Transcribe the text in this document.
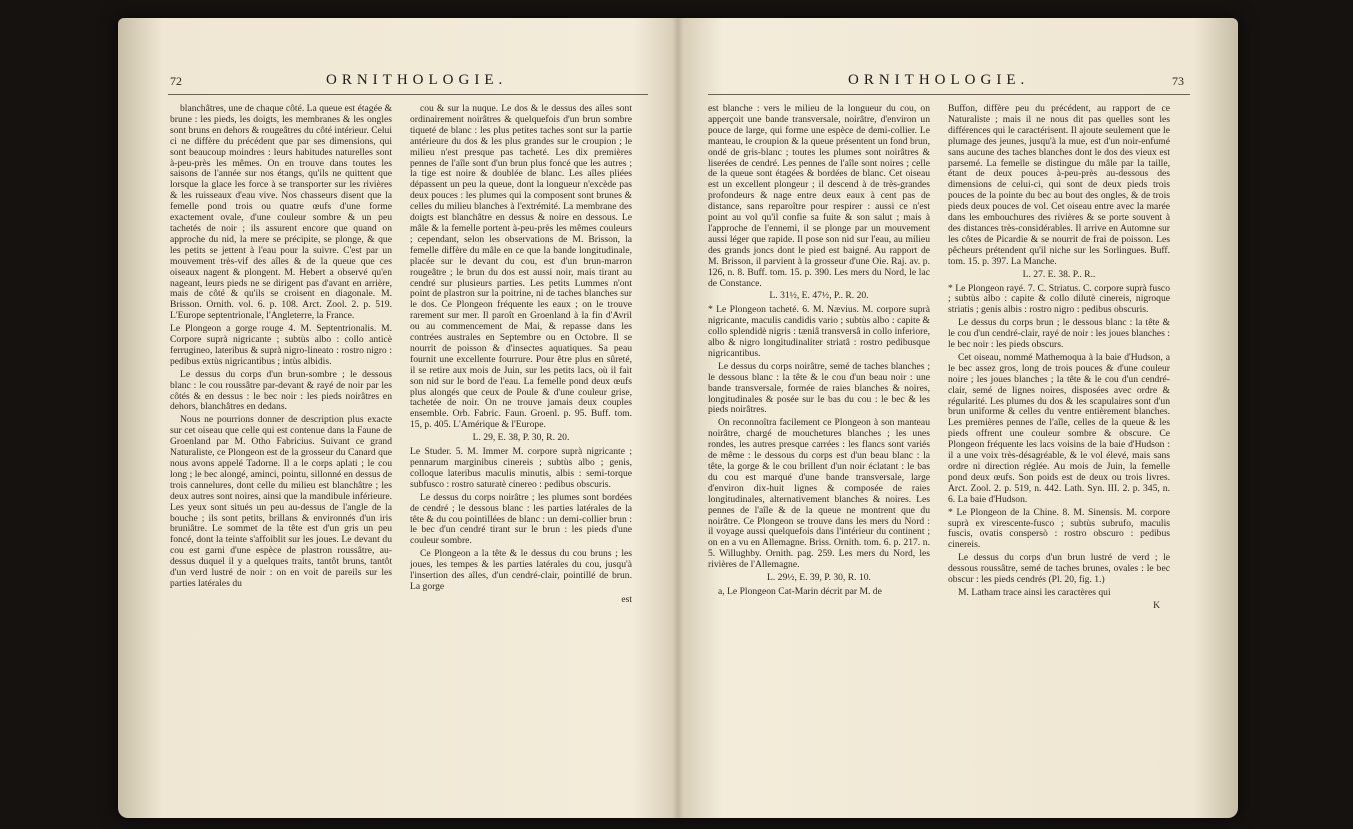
72	ORNITHOLOGIE.

blanchâtres, une de chaque côté. La queue est étagée & brune : les pieds, les doigts, les membranes & les ongles sont bruns en dehors & rougeâtres du côté intérieur. Celui ci ne diffère du précédent que par ses dimensions, qui sont beaucoup moindres : leurs habitudes naturelles sont à-peu-près les mêmes. On en trouve dans toutes les saisons de l'année sur nos étangs, qu'ils ne quittent que lorsque la glace les force à se transporter sur les rivières & les ruisseaux d'eau vive. Nos chasseurs disent que la femelle pond trois ou quatre œufs d'une forme exactement ovale, d'une couleur sombre & un peu tachetés de noir ; ils assurent encore que quand on approche du nid, la mere se précipite, se plonge, & que les petits se jettent à l'eau pour la suivre. C'est par un mouvement très-vif des aîles & de la queue que ces oiseaux nagent & plongent. M. Hebert a observé qu'en nageant, leurs pieds ne se dirigent pas d'avant en arrière, mais de côté & qu'ils se croisent en diagonale. M. Brisson. Ornith. vol. 6. p. 108. Arct. Zool. 2. p. 519. L'Europe septentrionale, l'Angleterre, la France.

Le Plongeon a gorge rouge 4. M. Septentrionalis. M. Corpore suprà nigricante ; subtùs albo : collo anticè ferrugineo, lateribus & suprà nigro-lineato : rostro nigro : pedibus extùs nigricantibus ; intùs albidis.

Le dessus du corps d'un brun-sombre ; le dessous blanc : le cou roussâtre par-devant & rayé de noir par les côtés & en dessus : le bec noir : les pieds noirâtres en dehors, blanchâtres en dedans.

Nous ne pourrions donner de description plus exacte sur cet oiseau que celle qui est contenue dans la Faune de Groenland par M. Otho Fabricius. Suivant ce grand Naturaliste, ce Plongeon est de la grosseur du Canard que nous avons appelé Tadorne. Il a le corps aplati ; le cou long ; le bec alongé, aminci, pointu, sillonné en dessus de trois cannelures, dont celle du milieu est blanchâtre ; les deux autres sont noires, ainsi que la mandibule inférieure. Les yeux sont situés un peu au-dessus de l'angle de la bouche ; ils sont petits, brillans & environnés d'un iris bruniâtre. Le sommet de la tête est d'un gris un peu foncé, dont la teinte s'affoiblit sur les joues. Le devant du cou est garni d'une espèce de plastron roussâtre, au-dessus duquel il y a quelques traits, tantôt bruns, tantôt d'un verd lustré de noir : on en voit de pareils sur les parties latérales du

cou & sur la nuque. Le dos & le dessus des aîles sont ordinairement noirâtres & quelquefois d'un brun sombre tiqueté de blanc : les plus petites taches sont sur la partie antérieure du dos & les plus grandes sur le croupion ; le milieu n'est presque pas tacheté. Les dix premières pennes de l'aîle sont d'un brun plus foncé que les autres ; la tige est noire & doublée de blanc. Les aîles pliées dépassent un peu la queue, dont la longueur n'excède pas deux pouces : les plumes qui la composent sont brunes & celles du milieu blanches à l'extrémité. La membrane des doigts est blanchâtre en dessus & noire en dessous. Le mâle & la femelle portent à-peu-près les mêmes couleurs ; cependant, selon les observations de M. Brisson, la femelle diffère du mâle en ce que la bande longitudinale, placée sur le devant du cou, est d'un brun-marron rougeâtre ; le brun du dos est aussi noir, mais tirant au cendré sur plusieurs parties. Les petits Lummes n'ont point de plastron sur la poitrine, ni de taches blanches sur le dos. Ce Plongeon fréquente les eaux ; on le trouve rarement sur mer. Il paroît en Groenland à la fin d'Avril ou au commencement de Mai, & repasse dans les contrées australes en Septembre ou en Octobre. Il se nourrit de poisson & d'insectes aquatiques. Sa peau fournit une excellente fourrure. Pour être plus en sûreté, il se retire aux mois de Juin, sur les petits lacs, où il fait son nid sur le bord de l'eau. La femelle pond deux œufs plus alongés que ceux de Poule & d'une couleur grise, tachetée de noir. On ne trouve jamais deux couples ensemble. Orb. Fabric. Faun. Groenl. p. 95. Buff. tom. 15, p. 405. L'Amérique & l'Europe.

L. 29, E. 38, P. 30, R. 20.

Le Studer. 5. M. Immer M. corpore suprà nigricante ; pennarum marginibus cinereis ; subtùs albo ; genis, colloque lateribus maculis minutis, albis : semi-torque subfusco : rostro saturatè cinereo : pedibus obscuris.

Le dessus du corps noirâtre ; les plumes sont bordées de cendré ; le dessous blanc : les parties latérales de la tête & du cou pointillées de blanc : un demi-collier brun : le bec d'un cendré tirant sur le brun : les pieds d'une couleur sombre.

Ce Plongeon a la tête & le dessus du cou bruns ; les joues, les tempes & les parties latérales du cou, jusqu'à l'insertion des aîles, d'un cendré-clair, pointillé de brun. La gorge

est

ORNITHOLOGIE.	73

est blanche : vers le milieu de la longueur du cou, on apperçoit une bande transversale, noirâtre, d'environ un pouce de large, qui forme une espèce de demi-collier. Le manteau, le croupion & la queue présentent un fond brun, ondé de gris-blanc ; toutes les plumes sont noirâtres & liserées de cendré. Les pennes de l'aîle sont noires ; celle de la queue sont étagées & bordées de blanc. Cet oiseau est un excellent plongeur ; il descend à de très-grandes profondeurs & nage entre deux eaux à cent pas de distance, sans reparoître pour respirer : aussi ce n'est point au vol qu'il confie sa fuite & son salut ; mais à l'approche de l'ennemi, il se plonge par un mouvement aussi léger que rapide. Il pose son nid sur l'eau, au milieu des grands joncs dont le pied est baigné. Au rapport de M. Brisson, il parvient à la grosseur d'une Oie. Raj. av. p. 126, n. 8. Buff. tom. 15. p. 390. Les mers du Nord, le lac de Constance.

L. 31½, E. 47½, P.. R. 20.

* Le Plongeon tacheté. 6. M. Nævius. M. corpore suprà nigricante, maculis candidis vario ; subtùs albo : capite & collo splendidè nigris : tæniâ transversâ in collo inferiore, albo & nigro longitudinaliter striatâ : rostro pedibusque nigricantibus.

Le dessus du corps noirâtre, semé de taches blanches ; le dessous blanc : la tête & le cou d'un beau noir : une bande transversale, formée de raies blanches & noires, longitudinales & posée sur le bas du cou : le bec & les pieds noirâtres.

On reconnoîtra facilement ce Plongeon à son manteau noirâtre, chargé de mouchetures blanches ; les unes rondes, les autres presque carrées : les flancs sont variés de même : le dessous du corps est d'un beau blanc : la tête, la gorge & le cou brillent d'un noir éclatant : le bas du cou est marqué d'une bande transversale, large d'environ dix-huit lignes & composée de raies longitudinales, alternativement blanches & noires. Les pennes de l'aîle & de la queue ne montrent que du noirâtre. Ce Plongeon se trouve dans les mers du Nord : il voyage aussi quelquefois dans l'intérieur du continent ; on en a vu en Allemagne. Briss. Ornith. tom. 6. p. 217. n. 5. Willughby. Ornith. pag. 259. Les mers du Nord, les rivières de l'Allemagne.

L. 29½, E. 39, P. 30, R. 10.

a, Le Plongeon Cat-Marin décrit par M. de

Buffon, diffère peu du précédent, au rapport de ce Naturaliste ; mais il ne nous dit pas quelles sont les différences qui le caractérisent. Il ajoute seulement que le plumage des jeunes, jusqu'à la mue, est d'un noir-enfumé sans aucune des taches blanches dont le dos des vieux est parsemé. La femelle se distingue du mâle par la taille, étant de deux pouces à-peu-près au-dessous des dimensions de celui-ci, qui sont de deux pieds trois pouces de la pointe du bec au bout des ongles, & de trois pieds deux pouces de vol. Cet oiseau entre avec la marée dans les embouchures des rivières & se porte souvent à des distances très-considérables. Il arrive en Automne sur les côtes de Picardie & se nourrit de frai de poisson. Les pêcheurs prétendent qu'il niche sur les Sorlingues. Buff. tom. 15. p. 397. La Manche.

L. 27. E. 38. P.. R..

* Le Plongeon rayé. 7. C. Striatus. C. corpore suprà fusco ; subtùs albo : capite & collo dilutè cinereis, nigroque striatis ; genis albis : rostro nigro : pedibus obscuris.

Le dessus du corps brun ; le dessous blanc : la tête & le cou d'un cendré-clair, rayé de noir : les joues blanches : le bec noir : les pieds obscurs.

Cet oiseau, nommé Mathemoqua à la baie d'Hudson, a le bec assez gros, long de trois pouces & d'une couleur noire ; les joues blanches ; la tête & le cou d'un cendré-clair, semé de lignes noires, disposées avec ordre & régularité. Les plumes du dos & les scapulaires sont d'un brun uniforme & celles du ventre entièrement blanches. Les premières pennes de l'aîle, celles de la queue & les pieds offrent une couleur sombre & obscure. Ce Plongeon fréquente les lacs voisins de la baie d'Hudson : il a une voix très-désagréable, & le vol élevé, mais sans ordre ni direction réglée. Au mois de Juin, la femelle pond deux œufs. Son poids est de deux ou trois livres. Arct. Zool. 2. p. 519, n. 442. Lath. Syn. III. 2. p. 345, n. 6. La baie d'Hudson.

* Le Plongeon de la Chine. 8. M. Sinensis. M. corpore suprà ex virescente-fusco ; subtùs subrufo, maculis fuscis, ovatis conspersò : rostro obscuro : pedibus cinereis.

Le dessus du corps d'un brun lustré de verd ; le dessous roussâtre, semé de taches brunes, ovales : le bec obscur : les pieds cendrés (Pl. 20, fig. 1.)

M. Latham trace ainsi les caractères qui

K
